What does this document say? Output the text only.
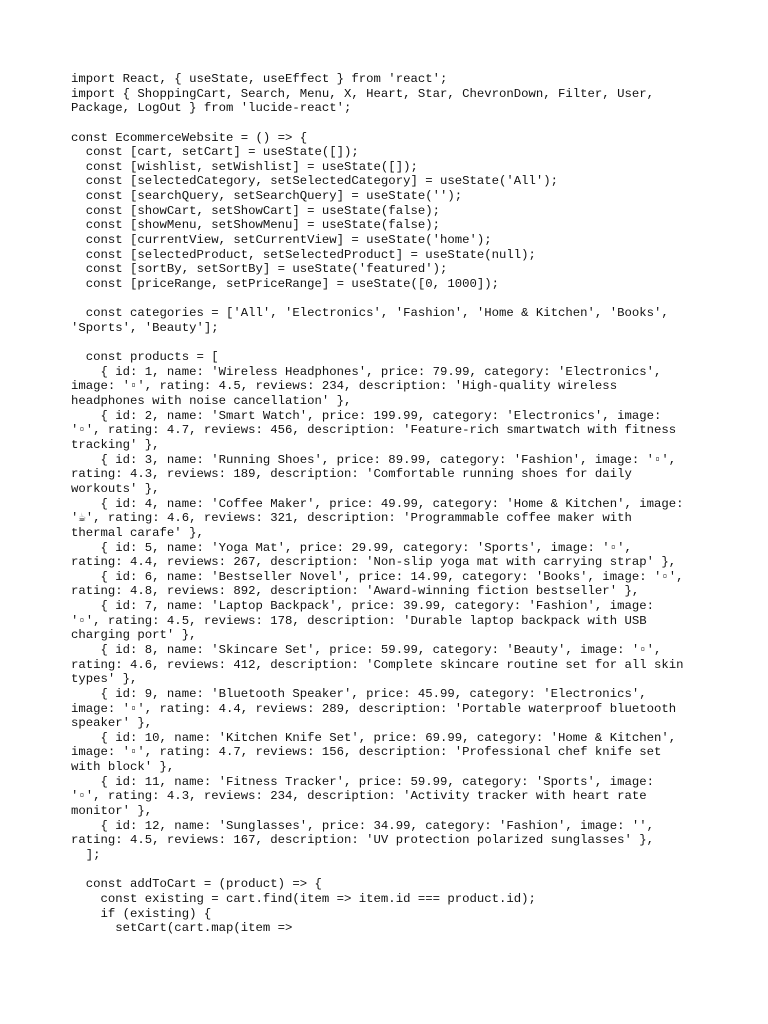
import React, { useState, useEffect } from 'react';
import { ShoppingCart, Search, Menu, X, Heart, Star, ChevronDown, Filter, User,
Package, LogOut } from 'lucide-react';
const EcommerceWebsite = () => {
const [cart, setCart] = useState([]);
const [wishlist, setWishlist] = useState([]);
const [selectedCategory, setSelectedCategory] = useState('All');
const [searchQuery, setSearchQuery] = useState('');
const [showCart, setShowCart] = useState(false);
const [showMenu, setShowMenu] = useState(false);
const [currentView, setCurrentView] = useState('home');
const [selectedProduct, setSelectedProduct] = useState(null);
const [sortBy, setSortBy] = useState('featured');
const [priceRange, setPriceRange] = useState([0, 1000]);
const categories = ['All', 'Electronics', 'Fashion', 'Home & Kitchen', 'Books',
'Sports', 'Beauty'];
const products = [
{ id: 1, name: 'Wireless Headphones', price: 79.99, category: 'Electronics',
image: '▫', rating: 4.5, reviews: 234, description: 'High-quality wireless
headphones with noise cancellation' },
{ id: 2, name: 'Smart Watch', price: 199.99, category: 'Electronics', image:
'▫', rating: 4.7, reviews: 456, description: 'Feature-rich smartwatch with fitness
tracking' },
{ id: 3, name: 'Running Shoes', price: 89.99, category: 'Fashion', image: '▫',
rating: 4.3, reviews: 189, description: 'Comfortable running shoes for daily
workouts' },
{ id: 4, name: 'Coffee Maker', price: 49.99, category: 'Home & Kitchen', image:
'☕', rating: 4.6, reviews: 321, description: 'Programmable coffee maker with
thermal carafe' },
{ id: 5, name: 'Yoga Mat', price: 29.99, category: 'Sports', image: '▫',
rating: 4.4, reviews: 267, description: 'Non-slip yoga mat with carrying strap' },
{ id: 6, name: 'Bestseller Novel', price: 14.99, category: 'Books', image: '▫',
rating: 4.8, reviews: 892, description: 'Award-winning fiction bestseller' },
{ id: 7, name: 'Laptop Backpack', price: 39.99, category: 'Fashion', image:
'▫', rating: 4.5, reviews: 178, description: 'Durable laptop backpack with USB
charging port' },
{ id: 8, name: 'Skincare Set', price: 59.99, category: 'Beauty', image: '▫',
rating: 4.6, reviews: 412, description: 'Complete skincare routine set for all skin
types' },
{ id: 9, name: 'Bluetooth Speaker', price: 45.99, category: 'Electronics',
image: '▫', rating: 4.4, reviews: 289, description: 'Portable waterproof bluetooth
speaker' },
{ id: 10, name: 'Kitchen Knife Set', price: 69.99, category: 'Home & Kitchen',
image: '▫', rating: 4.7, reviews: 156, description: 'Professional chef knife set
with block' },
{ id: 11, name: 'Fitness Tracker', price: 59.99, category: 'Sports', image:
'▫', rating: 4.3, reviews: 234, description: 'Activity tracker with heart rate
monitor' },
{ id: 12, name: 'Sunglasses', price: 34.99, category: 'Fashion', image: '',
rating: 4.5, reviews: 167, description: 'UV protection polarized sunglasses' },
];
const addToCart = (product) => {
const existing = cart.find(item => item.id === product.id);
if (existing) {
setCart(cart.map(item =>
